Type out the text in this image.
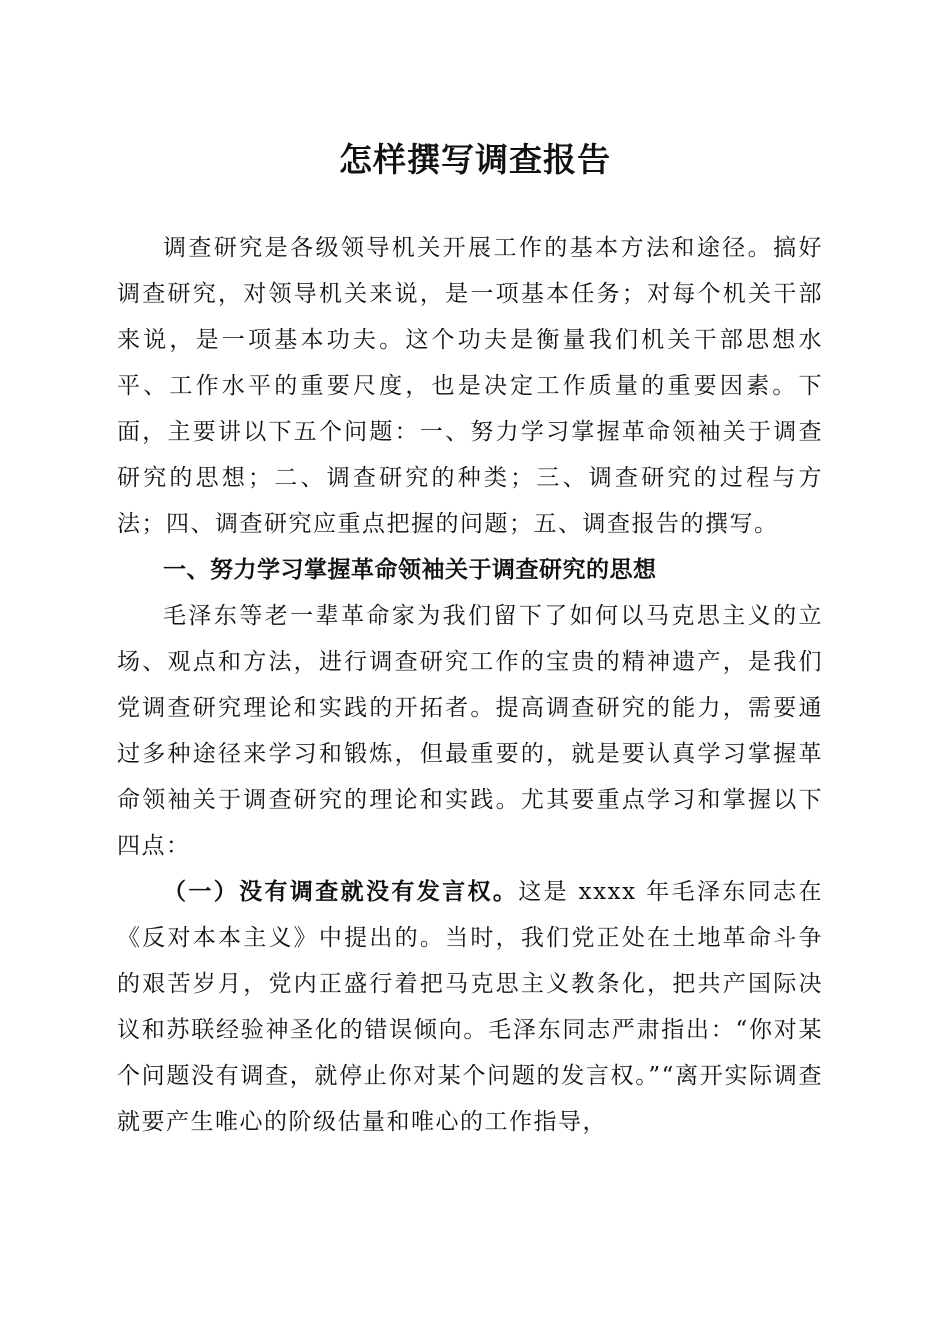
怎样撰写调查报告

调查研究是各级领导机关开展工作的基本方法和途径。搞好调查研究，对领导机关来说，是一项基本任务；对每个机关干部来说，是一项基本功夫。这个功夫是衡量我们机关干部思想水平、工作水平的重要尺度，也是决定工作质量的重要因素。下面，主要讲以下五个问题：一、努力学习掌握革命领袖关于调查研究的思想；二、调查研究的种类；三、调查研究的过程与方法；四、调查研究应重点把握的问题；五、调查报告的撰写。

一、努力学习掌握革命领袖关于调查研究的思想

毛泽东等老一辈革命家为我们留下了如何以马克思主义的立场、观点和方法，进行调查研究工作的宝贵的精神遗产，是我们党调查研究理论和实践的开拓者。提高调查研究的能力，需要通过多种途径来学习和锻炼，但最重要的，就是要认真学习掌握革命领袖关于调查研究的理论和实践。尤其要重点学习和掌握以下四点：

（一）没有调查就没有发言权。这是 xxxx 年毛泽东同志在《反对本本主义》中提出的。当时，我们党正处在土地革命斗争的艰苦岁月，党内正盛行着把马克思主义教条化，把共产国际决议和苏联经验神圣化的错误倾向。毛泽东同志严肃指出：“你对某个问题没有调查，就停止你对某个问题的发言权。”“离开实际调查就要产生唯心的阶级估量和唯心的工作指导，
